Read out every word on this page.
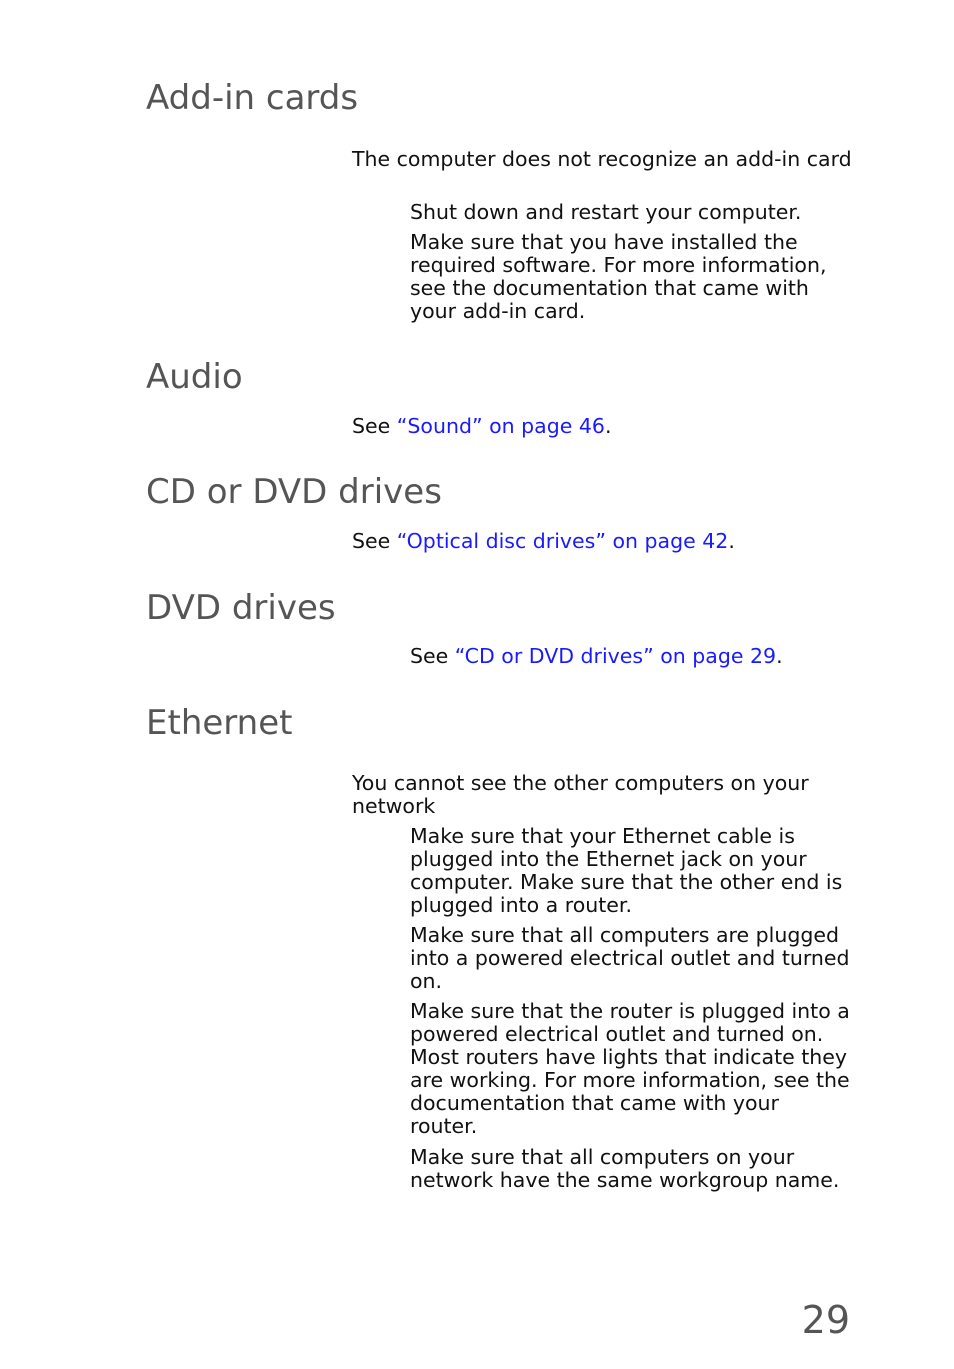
Add-in cards

The computer does not recognize an add-in card

Shut down and restart your computer.

Make sure that you have installed the required software. For more information, see the documentation that came with your add-in card.

Audio

See “Sound” on page 46.

CD or DVD drives

See “Optical disc drives” on page 42.

DVD drives

See “CD or DVD drives” on page 29.

Ethernet

You cannot see the other computers on your network

Make sure that your Ethernet cable is plugged into the Ethernet jack on your computer. Make sure that the other end is plugged into a router.

Make sure that all computers are plugged into a powered electrical outlet and turned on.

Make sure that the router is plugged into a powered electrical outlet and turned on. Most routers have lights that indicate they are working. For more information, see the documentation that came with your router.

Make sure that all computers on your network have the same workgroup name.

29
